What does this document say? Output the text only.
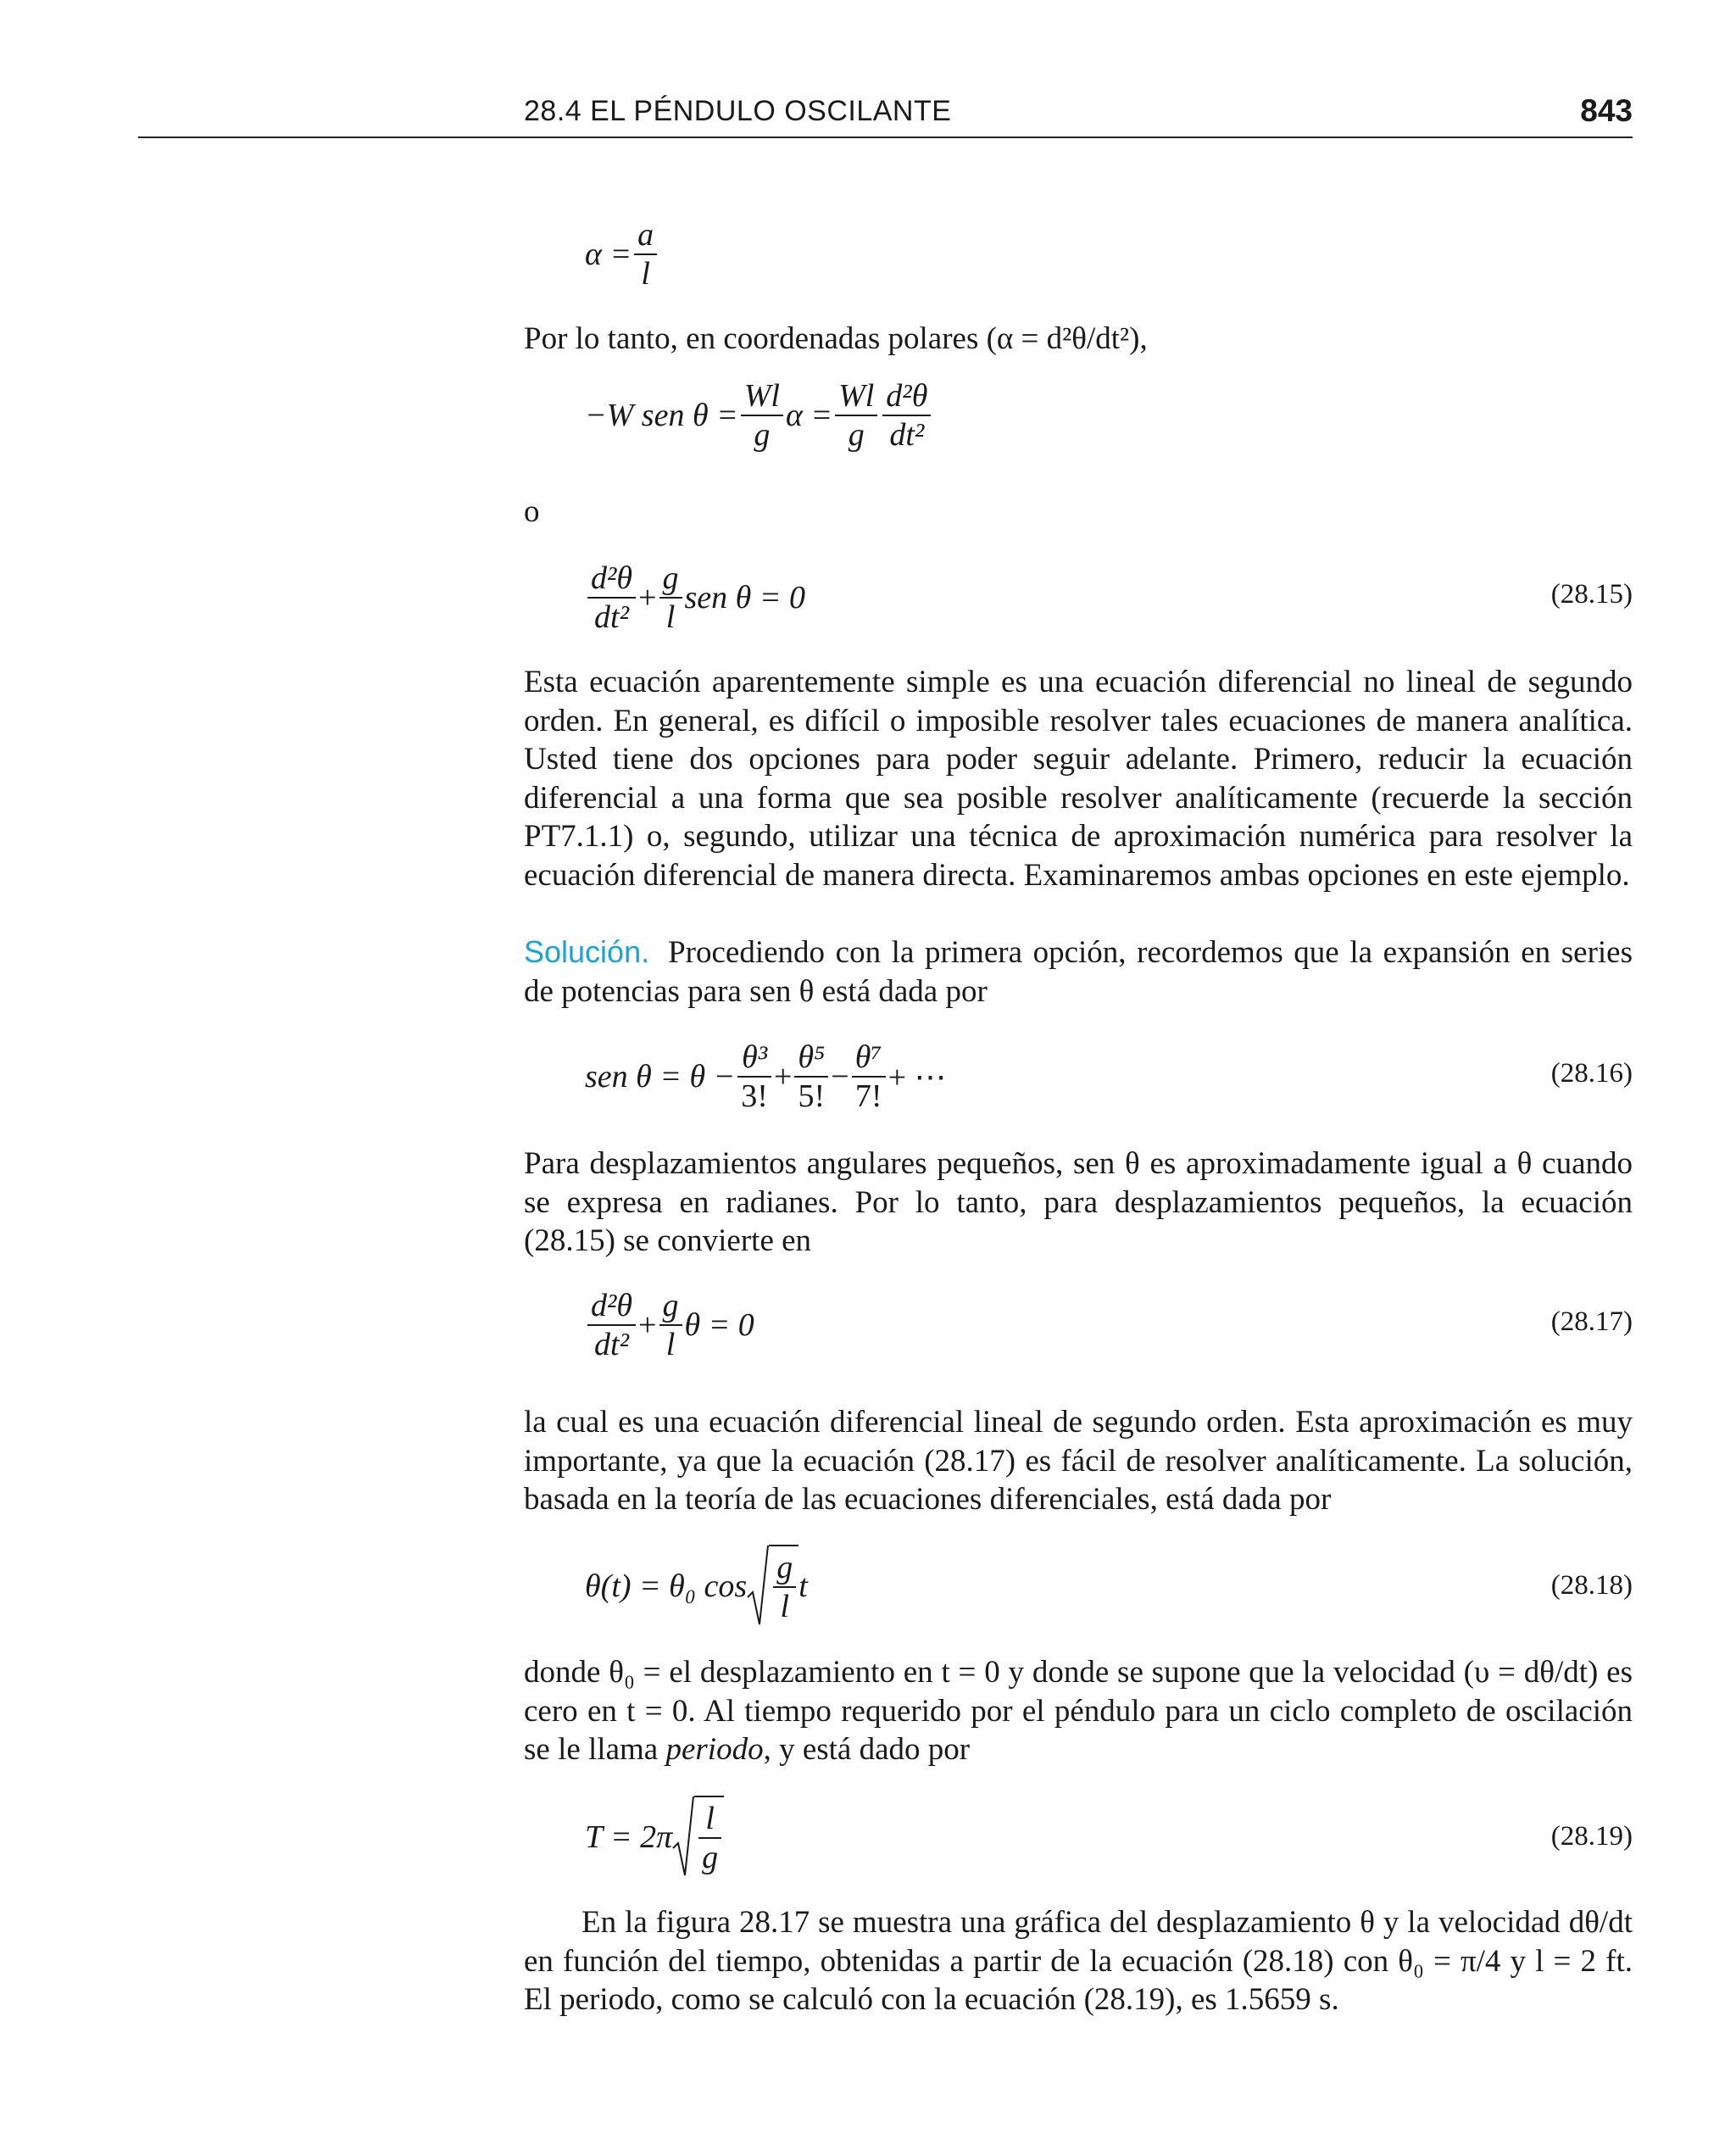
28.4 EL PÉNDULO OSCILANTE	843
$\alpha = \frac{a}{l}$

Por lo tanto, en coordenadas polares (α = d²θ/dt²),

−W sen $\theta = \frac{Wl}{g}$ $\alpha = \frac{Wl}{g} \frac{\text{d²θ}}{\text{dt²}}$
o
$\frac{\text{d²θ}}{\text{dt²}} + \frac{g}{l}$ sen θ = 0	(28.15)

Esta ecuación aparentemente simple es una ecuación diferencial no lineal de segundo orden. En general, es difícil o imposible resolver tales ecuaciones de manera analítica. Usted tiene dos opciones para poder seguir adelante. Primero, reducir la ecuación diferencial a una forma que sea posible resolver analíticamente (recuerde la sección PT7.1.1) o, segundo, utilizar una técnica de aproximación numérica para resolver la ecuación diferencial de manera directa. Examinaremos ambas opciones en este ejemplo.

Solución. Procediendo con la primera opción, recordemos que la expansión en series de potencias para sen θ está dada por

sen $\theta = \theta - \frac{\text{θ³}}{3!} + \frac{\text{θ⁵}}{5!} - \frac{\text{θ⁷}}{7!}$ + ⋯	(28.16)

Para desplazamientos angulares pequeños, sen θ es aproximadamente igual a θ cuando se expresa en radianes. Por lo tanto, para desplazamientos pequeños, la ecuación (28.15) se convierte en

$\frac{\text{d²θ}}{\text{dt²}} + \frac{g}{l}$ θ = 0	(28.17)

la cual es una ecuación diferencial lineal de segundo orden. Esta aproximación es muy importante, ya que la ecuación (28.17) es fácil de resolver analíticamente. La solución, basada en la teoría de las ecuaciones diferenciales, está dada por

θ(t) = θ₀ $\cos \frac{g}{l}$ t	(28.18)

donde θ₀ = el desplazamiento en t = 0 y donde se supone que la velocidad (υ = dθ/dt) es cero en t = 0. Al tiempo requerido por el péndulo para un ciclo completo de oscilación se le llama periodo, y está dado por

$T = 2\pi \frac{l}{g}$	(28.19)

En la figura 28.17 se muestra una gráfica del desplazamiento θ y la velocidad dθ/dt en función del tiempo, obtenidas a partir de la ecuación (28.18) con θ₀ = π/4 y l = 2 ft. El periodo, como se calculó con la ecuación (28.19), es 1.5659 s.
